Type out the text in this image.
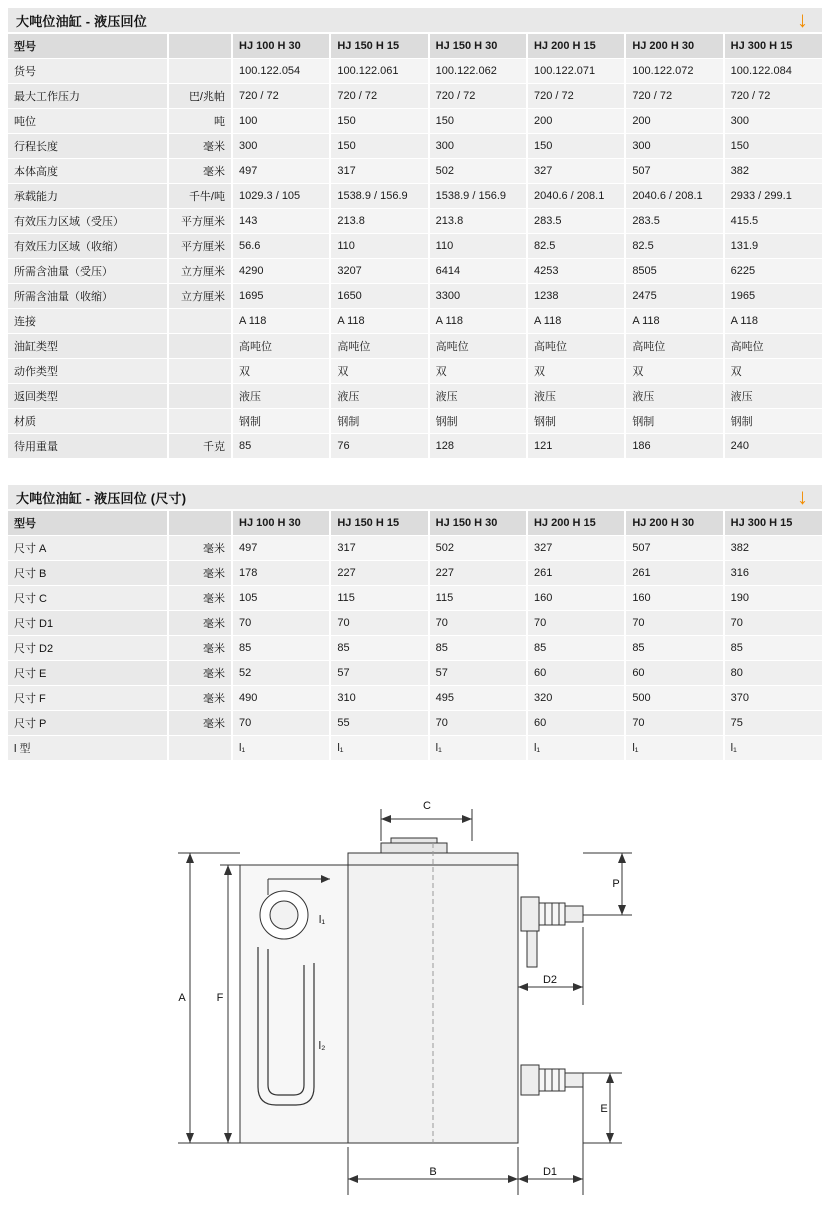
大吨位油缸 - 液压回位	↓
型号		HJ 100 H 30	HJ 150 H 15	HJ 150 H 30	HJ 200 H 15	HJ 200 H 30	HJ 300 H 15
货号		100.122.054	100.122.061	100.122.062	100.122.071	100.122.072	100.122.084
最大工作压力	巴/兆帕	720 / 72	720 / 72	720 / 72	720 / 72	720 / 72	720 / 72
吨位	吨	100	150	150	200	200	300
行程长度	毫米	300	150	300	150	300	150
本体高度	毫米	497	317	502	327	507	382
承载能力	千牛/吨	1029.3 / 105	1538.9 / 156.9	1538.9 / 156.9	2040.6 / 208.1	2040.6 / 208.1	2933 / 299.1
有效压力区域（受压）	平方厘米	143	213.8	213.8	283.5	283.5	415.5
有效压力区域（收缩）	平方厘米	56.6	110	110	82.5	82.5	131.9
所需含油量（受压）	立方厘米	4290	3207	6414	4253	8505	6225
所需含油量（收缩）	立方厘米	1695	1650	3300	1238	2475	1965
连接		A 118	A 118	A 118	A 118	A 118	A 118
油缸类型		高吨位	高吨位	高吨位	高吨位	高吨位	高吨位
动作类型		双	双	双	双	双	双
返回类型		液压	液压	液压	液压	液压	液压
材质		钢制	钢制	钢制	钢制	钢制	钢制
待用重量	千克	85	76	128	121	186	240
大吨位油缸 - 液压回位 (尺寸)	↓
型号		HJ 100 H 30	HJ 150 H 15	HJ 150 H 30	HJ 200 H 15	HJ 200 H 30	HJ 300 H 15
尺寸 A	毫米	497	317	502	327	507	382
尺寸 B	毫米	178	227	227	261	261	316
尺寸 C	毫米	105	115	115	160	160	190
尺寸 D1	毫米	70	70	70	70	70	70
尺寸 D2	毫米	85	85	85	85	85	85
尺寸 E	毫米	52	57	57	60	60	80
尺寸 F	毫米	490	310	495	320	500	370
尺寸 P	毫米	70	55	70	60	70	75
l 型		l₁	l₁	l₁	l₁	l₁	l₁
C
A	F
B	D1
D2
P
E
l₁
l₂
